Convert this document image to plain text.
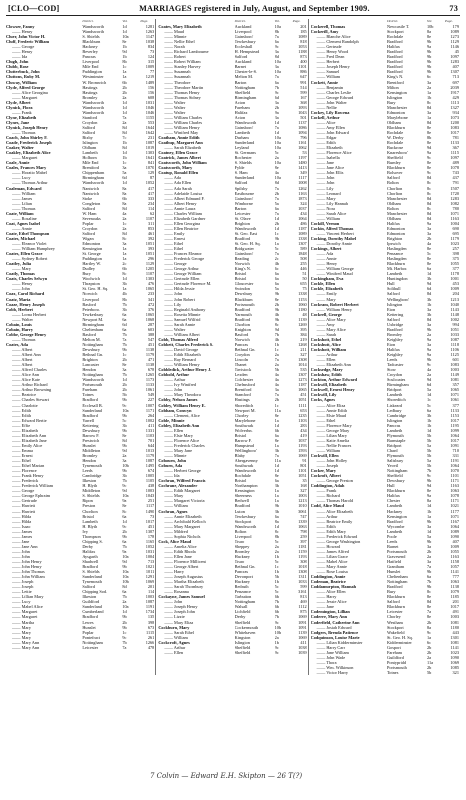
[CLO—COD]	MARRIAGES registered in July, August, and September 1909.	73
District.	Vol.	Page.
Clowser, Fanny	Wandsworth	1d	1281
—— Henry	Wandsworth	1d	1263
Cluer, John Victor H.	S. Shields	10a	1147
Cluff, Frederic William	Blackburn	8e	1038
—— George	Hackney	1b	834
—— Henry	Beverley	9d	73
—— Ida	Pancras	1b	124
Clugh, John	Liverpool	8b	315
Clubb, Rose	Mile End	1c	1009
Clutterbuck, John	Paddington	1a	77
Cluttons, Ruby M.	Westminster	1a	1219
Cluway, William	W. Bromwich	6b	1489
Clyde, Alfred George	Hastings	2b	156
—— Alice Georgina	Hastings	2b	156
—— Margaret	Bromley	2a	608
Clyde, Albert	Wandsworth	1d	1031
Clynick, Flora	Wandsworth	1d	1046
—— Frank	Wandsworth	1d	1046
Clyne, Elizabeth	Stanford	7a	1155
Clynes, Jane	Croydon	2a	553
Clynick, Joseph Henry	Salford	8d	1644
—— Thomas	Salford	8d	1642
Coach, John Shirley F.	Bixby	7c	231
Coade, Frederick Joseph	Islington	1b	1087
Coaker, Walter	Oldham	8d	1019
Coakley, Elizabeth Alice	Lambeth	1d	1303
—— Margaret	Holborn	1b	1641
Coale, Annie	Mile End	1c	841
Coales, Frances Mary	Brentford	3a	1070
—— Horatio Mabel	Chippenham	5a	129
—— Lucy	Birmingham	6d	87
—— Thomas Arthur	Wandsworth	1d	1052
Coaleman, Edward	Nantwich	8a	417
—— William	Nantwich	8a	417
—— James	Stoke	6b	333
—— Lilian	Congleton	8a	234
—— Thomas	Salford	8d	114
Coate, William	W. Ham	4a	62
—— Rosaline	Sevenoaks	2a	1107
Coat, Agnes Isabel	Poplar	1c	311
—— Annie	Croydon	2a	853
Coate, Ethel Thompson	Salford	8d	461
Coates, Michael	Wigan	8c	392
—— Eleanor Violet	Edmonton	3a	1051
—— William Humphrey	Kensington	1a	393
Coates, Ellen Grace	St. George	1a	1051
—— Sydney Robert	Paddington	1a	296
Coatley, Julia	Hartley W.	2c	1129
—— Mary	Dudley	6b	1205
Coatly, Thomas	Bury	8c	1107
Coats, Charles Selwyn	Woolwich	1d	1303
—— Henry	Thrapston	3b	476
—— John	St. Geo. H. Sq.	1a	1065
Coax, Carol Richard	Norwich	4b	233
Coatz, Maria	Liverpool	8b	341
Coaze, Henry Joseph	Basford	7b	472
Cobb, Herbert	Peterboro.	3b	376
—— Lorna Herbert	Tewkesbury	6a	1065
—— Walter	Newport M.	6a	1068
Cobain, Louis	Birmingham	6d	287
Cobain, Harry	Cheltenham	6a	603
Cobbe, George Henry	Basford	7b	388
—— Thomas	Melton M.	7a	547
Coates, Ada	Nottingham	7b	451
—— Albert	Dewsbury	9b	1138
—— Albert Ann	Bethnal Gn.	1c	1179
—— Albert	Brighton	2b	471
—— Albert	Lancaster	8e	1138
—— Alfred Charles	Hendon	3a	678
—— Alice Ann	Nottingham	7b	1265
—— Alice Kate	Wandsworth	1d	1173
—— Arthur Richard	Portsmouth	2b	1133
—— Arthur Browning	Fareham	2b	1061
—— Beatrice	Totnes	5b	549
—— Charles Stewart	Bradford	9b	227
—— Charlotte	Ecclesall B.	9c	1007
—— Edith	Sunderland	10a	1171
—— Edith	Bradford	9b	264
—— Edward Bertie	Yarrell	5c	1002
—— Effie	Kettering	3b	411
—— Elizabeth	Dewsbury	9b	1331
—— Elizabeth Ann	Barrow F.	8e	1103
—— Elizabeth Jane	Prestwich	8d	701
—— Emily Alice	Hunslet	9b	644
—— Emma	Middleton	9d	1013
—— Ernest	Bromley	2a	1179
—— Ethel	Hendon	3a	1087
—— Ethel Marian	Tynemouth	10b	1495
—— Florence	Leeds	9b	674
—— Frank Henry	Cambridge	3b	1005
—— Frederick	Ilkeston	7b	1105
—— Frederick William	H. Blyth	9c	438
—— George	Middleton	9d	1003
—— George Ephraim	S. Shields	10a	1043
—— Gertrude	Ripon	9a	251
—— Harriett	Preston	8e	1117
—— Harriett	Chorlton	8c	1490
—— Hilda	Bristol	6a	73
—— Hilda	Lambeth	1d	1017
—— Isaac	H. Blyth	9c	451
—— James	Ivy	2b	1307
—— James	Thompson	9b	178
—— Jane	Chipping S.	6a	1165
—— Jane Ann	Derby	7b	1052
—— John	Halifax	9a	1031
—— John	Aysgarth	10a	1004
—— John Henry	Shadwell	9d	713
—— John Henry	Bradford	9b	1021
—— John Thomas	S. Shields	10a	1011
—— John William	Sunderland	10a	1291
—— Joseph	Tynemouth	10b	1069
—— Joseph	Salford	8d	201
—— Lettie	Chipping Sod.	6a	114
—— Lillian Mary	Ilkeston	7b	1003
—— Lucy	Guildford	2a	1087
—— Mabel Alice	Sunderland	10a	1191
—— Margaret	Cumberland	1d	1734
—— Margaret	Bradford	9b	135
—— Martha	Lewes	2b	398
—— Mary	Hunslet	9b	673
—— Mary	Poplar	1c	1115
—— Mary	Pontefract	9c	261
—— Mary Ann	Nottingham	7b	1266
—— Mary Ann	Leicester	7a	478
District.	Vol.	Page.
Coates, Mary Elizabeth	Auckland	10a	201
—— Maud	Liverpool	8b	185
—— Minnie	Gainsboro'	7a	1089
—— Nellie Ethel	Tewkesbury	6a	818
—— Norah	Eccleshall	9c	1053
—— Richard Lambourne	H. Hempstead	3a	1188
—— Robert	Salford	8d	873
—— Robert William	Auckland	10a	400
—— Stanley Harvey	Barnet	3a	1101
—— Susannah	Chester-le-S.	10a	886
—— Susannah	Melton M.	7a	647
—— Theodore	Barton	6a	991
—— Theodore Martin	Nottingham	7b	514
—— Thomas Henry	Sheffield	9c	599
—— Thomas Sidney	Birmingham	6d	167
—— Walter	Acton	3a	368
—— Walter	Fareham	2b	1093
—— Walter	Halifax	9a	1043
—— William Charles	Acton	3a	501
—— William Charles	Wandsworth	1d	1137
—— William Henry	Gainsboro'	7a	1086
—— Winifred May	Lambeth	1d	1094
Coatham, Annie Edith	Durham	10a	796
Coathup, Margaret Ann	Sunderland	10a	1161
—— Sarah Elizabeth	Leyland	10a	1062
Coatney, Ellen Grace	St. Germans	5c	53
Coatrick, James Albert	Rochester	2a	1197
Coatsworth, John William	S. Shields	10a	1480
Coatsworth, Mary	Fylde	8e	1413
Coatup, Ronald Ellen	S. Ham	4a	349
—— Ada	Sunderland	10a	1117
—— Ada Ellen	Salford	8d	1008
—— Ada Sarah	Spilsby	7a	1262
—— Adelaide Louisa	Eastbourne	2b	1163
—— Albert Edmund F.	Gainsboro'	7a	1873
—— Albert Henry	Wimborne	5a	324
—— Annie Laura	Barton	6a	1037
—— Charles William	Leicester	7a	434
—— Elizabeth Gardner	St. Olave	1d	1064
—— Ellen Georgina	Brighton	2b	486
—— Ellen Beatrice	Wandsworth	1d	1187
—— Emily	St. Geo. East	1c	1089
—— Ernest	Bradford	9b	1338
—— Ethel	St. Geo. H. Sq.	1a	1307
—— Ethel	Bridgwater	5c	589
—— Frances Eleanor	Gainsboro'	7a	1848
—— Frederick George	Reading	2c	508
—— George	Norwich	4b	255
—— George Arthur	King's N.	6c	446
—— George William	Bristol	6a	51
—— Gertrude Ellen	Bristol	6a	50
—— Gertrude Florence M.	Gloucester	6a	655
—— Hilda Jessie	Swindon	5a	75
—— John	Dewsbury	9b	1338
—— John Robert	Blackburn	8e	1153
—— Lily	Portsmouth	2b	1060
—— Reginald Anthony	Bradford	9b	1180
—— Rosetta Minnie	Yarmouth	4b	48
—— Samuel Wilfrid	Bradford	9b	1139
—— Sarah Annie	Chorlton	8c	1269
—— Walter	Knighton	9d	395
—— William Albert	Basford	7b	384
Cobb, Thomas Alfred	Norwich	4b	219
Cobbett, Charles Frederick S.	Pancras	1b	1268
—— David George	Bethnal Gn.	1c	211
—— Edith Elizabeth	Croydon	2a	327
—— Ray Bernard	Lincoln	7a	1308
—— William Henry	Thanet	2a	1014
Cobbledick, Arthur Henry J.	Tavistock	5b	535
Cobbold, Arthur	Lexden	4a	1307
—— Arthur	Colchester	4a	1273
—— Ivy Winifred	Chelmsford	4a	1187
—— John	Brentford	3a	1065
—— Mary Theodora	Stamford	7a	451
Cobby, Nelson James	Hastings	2b	1051
Cobley, William Henry E.	Shoreditch	1c	1111
Cobham, Conwyn	Newport M.	11a	653
—— Clement, Alice	Chorley	8e	1235
Coble, Minnie	Marylebone	1a	1103
Cobley, Elizabeth Ann	Southwark	1d	283
—— Ellen	Wolverhn.	6b	434
—— Elsie Mary	Bristol	6a	419
—— Florence Alice	Barrow F.	8e	1037
—— Frederick Charles	Hampstead	1a	1193
—— Mary Jane	Wellingboro'	3b	1593
—— Minnie	Blaby	7a	1069
Cobourn, John	Abergavenny	11a	91
Coburn, Ada	Southwark	1d	801
—— Herbert George	Wandsworth	1d	1101
—— Ida	Rochdale	8e	1051
Cochran, Wilfred Francis	Bristol	6a	35
Cochrane, Alexander	Northampton	3b	168
—— Edith Margaret	Kensington	1a	327
—— Mary	Sheerness	1a	1003
—— Margaret Victoria	Bedwell	1a	1213
—— William	Bradford	9b	1010
Cochran, Agnes	Luton	3b	3061
—— Annie Elizabeth	Tewkesbury	6a	747
—— Archibald Kelloch	Stockport	8a	1339
—— Mary Margaret	Wandsworth	1d	1063
—— Mildred	Bolton	8c	798
—— Sophia Nichols	Liverpool	8b	259
Cock, Alice Maud	Truro	5c	397
—— Amelia Alice	Sheppey	2a	1181
—— Edith Rhoda	Bromley	2a	1159
—— Ellen Jane	Hackney	1b	1193
—— Florence Millicent	Truro	5c	308
—— George Albert	Bethnal Gn.	1c	1018
—— Harry	Pancras	1b	1308
—— Joseph Augustus	Devonport	5b	1311
—— Martha Elizabeth	Hackney	1b	1033
—— Sarah Thornbury	Redruth	5c	599
—— Rosanna	Penzance	5c	3161
Cockayne, James Samuel	Tarbutton	6b	813
—— John	Nottingham	7b	469
—— Joseph Henry	Walsall	6b	1112
—— Joseph John	Lichfield	6b	875
—— Lizzie	Derby	7b	1069
—— Mary Eliza	Sheffield	9c	1091
Cockburn, Mary	Cockermouth	10b	1091
—— Sarah Ethel	Whitehaven	10b	1139
—— William	Kingston	2a	1069
Cockcroft, Agnes	Islington	1b	411
—— Arthur	Sheffield	9c	1038
—— Ellen	Sheffield	9c	1039
District.	Vol.	Page.
Cockerell, Thomas	Newcastle T.	10b	179
Cockerill, Amy	Stockport	8a	1089
—— Blanche Alice	Rochdale	8e	1273
—— Clement Randolph	Bradford	9b	1129
—— Gertrude	Halifax	9a	1146
—— Henry Wood	Bradford	9b	45
—— Fred Dean	Bradford	9b	1097
—— Herbert	Bradford	9b	1283
—— Joseph Henry	Bradford	9b	407
—— Samuel	Bradford	9b	1307
—— William	King's N.	6c	713
Cockett, Annie	Brentford	3a	697
—— Benjamin	Milton	2a	2039
—— Charles Leslie	Kensington	1a	1917
—— George Edward	Islington	1b	429
—— John Walter	Bury	8c	1113
—— Nellie	Manchester	8d	1327
Cockey, Lily Rowena	Edmonton	3a	934
Cockell, Arthur	Marylebone	1a	1073
—— Alice	Oldham	8d	1200
—— Amy Ellen	Blackburn	8e	1083
—— John Edward	Rochdale	8e	1017
—— Edgar	W. Derby	8b	781
—— Edith	Rochdale	8e	1133
—— Elizabeth	Buckrose	9d	367
—— Florence Alice	Knaresboro'	9a	1115
—— Isabella	Sheffield	9c	1097
—— Jane	Burnley	8e	489
—— Jane Alice	Blackburn	8e	1078
—— John Ellis	Bolsover	9c	743
—— John	Salford	8d	437
—— John	Bolton	8c	791
—— Lily	Chorlton	8c	1507
—— Leonard	Chorlton	8c	1720
—— Mary	Manchester	8d	1283
—— Lily Hannah	Oldham	8d	1082
—— Nora	Bolton	8c	780
—— Sarah Alice	Manchester	8d	1071
—— William	Oldham	8d	1163
Cockill, Vernon	Halifax	9a	1004
Cockin, Alfred Thomas	Edmonton	3a	690
—— Vincent Herbert	Edmonton	3a	695
Cocking, Dorothy Mabel	Brighton	2b	1179
—— Dorothy Annie	Ipswich	4a	1023
Cockings, Albert	Haslingden	8e	257
—— Ada	Penzance	5c	398
—— Annie	Haslingden	8e	375
—— Henry	Blackburn	8e	1055
—— William George	Mt. Harbor.	6a	377
—— Winifred Maud	Lambeth	1d	1178
Cockingham, Eva	Huntingdon	3b	1001
Cockle, Ellen	Hull	9d	453
Cockle, Elizabeth	Solihull	6d	1009
—— Emily	Salford	8d	204
—— Mary	Wellingboro'	3b	1213
Cockram, Robert Herbert	Islington	1b	1040
—— William Henry	Eton	3a	1143
Cockrell, George	Kettering	3b	1148
—— Alice Mary	Salford	8d	1002
—— Amy	Uxbridge	3a	994
—— Mary Alice	Bradford	9b	1051
—— Sarah	Bromley	2a	1033
Cockshott, Ethel	Keighley	9a	1087
Cockshutt, Alice	Eton	3a	1118
Cockshott, William	Halifax	9a	1106
—— Arthur	Keighley	9a	1125
—— Ellen	Leeds	9b	601
—— Elizabeth Ann	Tadcaster	9c	1083
Cocksedge, Mary	Stow	4a	1003
Cockshaw, Edith	Croydon	2a	1149
Cockton, Arthur Edward	Sculcoates	9d	1081
Cockwill, Elizabeth	Birmingham	6d	357
Cockwell, Ernest Henry	Bridport	5a	1065
Cockwill, Lily	Lambeth	1d	1071
Cocks, Agnes	Shoreditch	1c	1061
—— Alice Eliza	Liskeard	5c	377
—— Annie Edith	Ledbury	6a	1133
—— Elsie Maud	Cambridge	3b	1153
—— Ethel	Islington	1b	1017
—— Florence Mary	Pancras	1b	1195
—— George Mary	Lambeth	1d	1099
—— Lilian Mary	Plymouth	5b	1064
—— Katie Amelia	Barnstaple	5b	1017
—— Nellie Frances	Bridport	5a	1091
—— William	Chard	5b	710
Cockwill, Ellen	Plymouth	5b	331
—— John Holley	Salisbury	5a	1191
—— Joseph	Yeovil	5b	1064
Cocker, Mary	Nottingham	7b	1070
Cockroft, Albert	Sheffield	9c	1101
—— George Preston	Dewsbury	9b	1171
Coddington, Adah	Hull	9d	1163
—— Frank	Blackburn	8e	1063
—— Richard	Halifax	9a	1078
—— Thomas Harold	Chester	8a	1171
Codd, Alice Maud	Lambeth	1d	1021
—— Alice Elizabeth	Hackney	1b	1177
—— Arthur	Kensington	1a	1071
—— Beatrice Emily	Bradford	9b	1167
—— Edith	Wycombe	3a	1064
—— Edith Mary	Lambeth	1d	1089
—— Frederick Edward	Poole	5a	1090
—— George Washington	Leeds	9b	407
—— Howard	Barnet	3a	1009
—— James Alfred	Portsmouth	2b	1055
—— Lilian Grace	Gravesend	2a	1163
—— Mabel Alice	Hatfield	3a	1158
—— Mary Annie	Grantham	7a	1057
—— Rose Louisa	Hunslet	9b	1141
Coddington, Annie	Cheltenham	6a	777
Codeman, Beatrice	Nottingham	7b	1063
Coddamurpton, Hannah	Bradford	9b	1138
—— Alice Ellen	Bury	8c	1079
—— Harry	Blackburn	8e	1185
—— Jessie Alice	Salford	8d	201
—— Jane	Blackburn	8e	1017
Codemington, Lillian	Leicester	7a	491
Coderre, Mary Ann	Chorley	8e	1003
Coderfield, Catherine Ann	Westham	2b	1081
—— Josiah Edward	Stockport	8a	1180
Codgers, Brenda Patience	Wakefield	9c	443
Codquinson, Louise Marie	St. Geo. H. Sq.	1a	1301
—— Lilian Kidderminster	Kidderminster	6c	1081
—— Harry Carr	Gosport	2b	1141
—— Jane William	Fareham	2b	1023
—— John Wade	Guildford	2a	1090
—— Thora	Pontypridd	11a	1069
—— Wm. Wilkinson	Portsmouth	2b	1085
—— Victor Harry	Totnes	5b	321
7 Colvin — Edward E.H. Skipton — 26 T(?)
